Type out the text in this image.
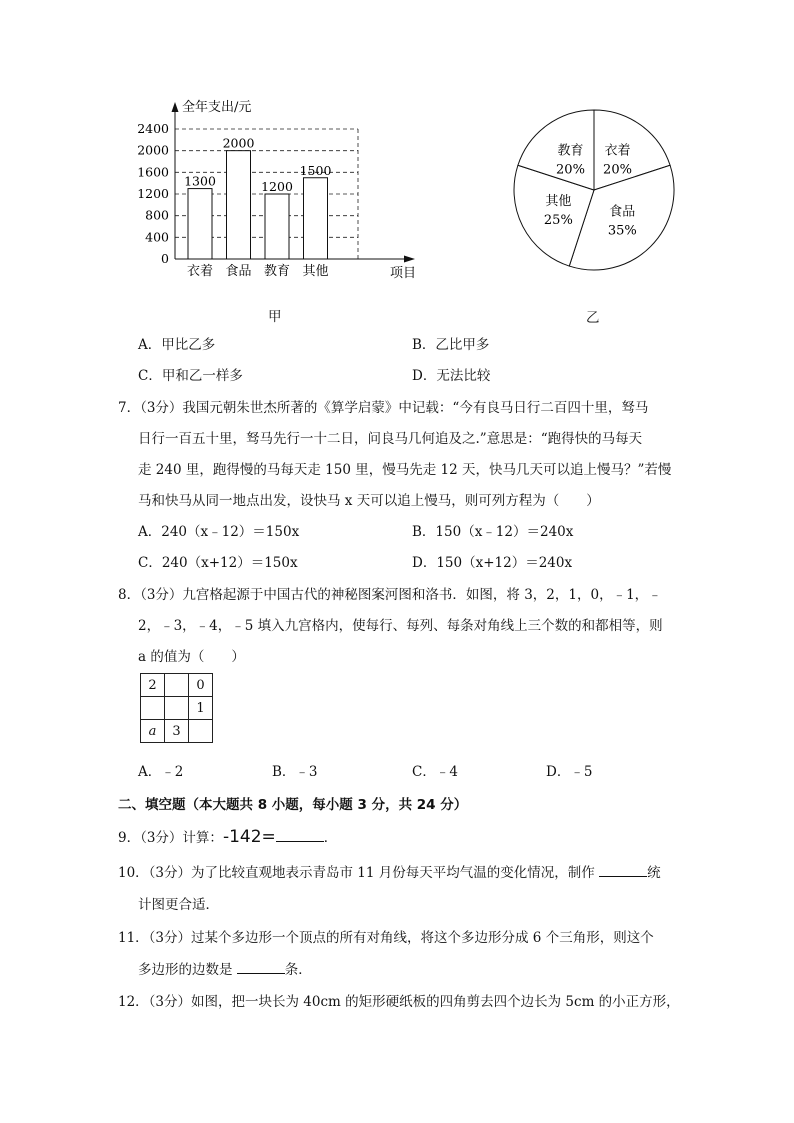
0
400
800
1200
1600
2000
2400
全年支出/元
项目
1300
衣着
2000
食品
1200
教育
1500
其他
甲
衣着
20%
食品
35%
其他
25%
教育
20%
乙
A．甲比乙多	B．乙比甲多
C．甲和乙一样多	D．无法比较
7．（3分）我国元朝朱世杰所著的《算学启蒙》中记载：“今有良马日行二百四十里，驽马
日行一百五十里，驽马先行一十二日，问良马几何追及之.”意思是：“跑得快的马每天
走 240 里，跑得慢的马每天走 150 里，慢马先走 12 天，快马几天可以追上慢马？”若慢
马和快马从同一地点出发，设快马 x 天可以追上慢马，则可列方程为（　　）
A．240（x﹣12）＝150x	B．150（x﹣12）＝240x
C．240（x+12）＝150x	D．150（x+12）＝240x
8．（3分）九宫格起源于中国古代的神秘图案河图和洛书．如图，将 3，2，1，0，﹣1，﹣
2，﹣3，﹣4，﹣5 填入九宫格内，使每行、每列、每条对角线上三个数的和都相等，则
a 的值为（　　）
2		0
		1
a	3	
A．﹣2	B．﹣3	C．﹣4	D．﹣5
二、填空题（本大题共 8 小题，每小题 3 分，共 24 分）
9．（3分）计算：-142=	．
10．（3分）为了比较直观地表示青岛市 11 月份每天平均气温的变化情况，制作	统
计图更合适．
11．（3分）过某个多边形一个顶点的所有对角线，将这个多边形分成 6 个三角形，则这个
多边形的边数是	条．
12．（3分）如图，把一块长为 40cm 的矩形硬纸板的四角剪去四个边长为 5cm 的小正方形，
